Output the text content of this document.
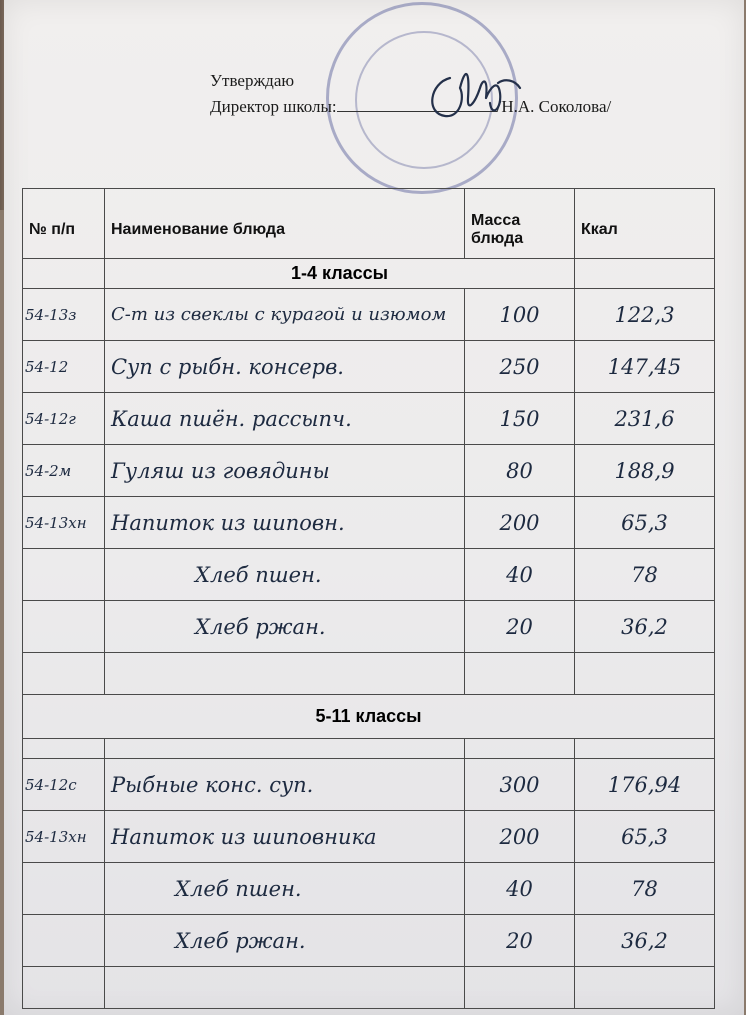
Утверждаю
Директор школы:	/Н.А. Соколова/
№ п/п	Наименование блюда	Масса блюда	Ккал
	1-4 классы		
54-13з	С-т из свеклы с курагой и изюмом	100	122,3
54-12	Суп с рыбн. консерв.	250	147,45
54-12г	Каша пшён. рассыпч.	150	231,6
54-2м	Гуляш из говядины	80	188,9
54-13хн	Напиток из шиповн.	200	65,3
	Хлеб пшен.	40	78
	Хлеб ржан.	20	36,2

5-11 классы			

54-12с	Рыбные конс. суп.	300	176,94
54-13хн	Напиток из шиповника	200	65,3
	Хлеб пшен.	40	78
	Хлеб ржан.	20	36,2
